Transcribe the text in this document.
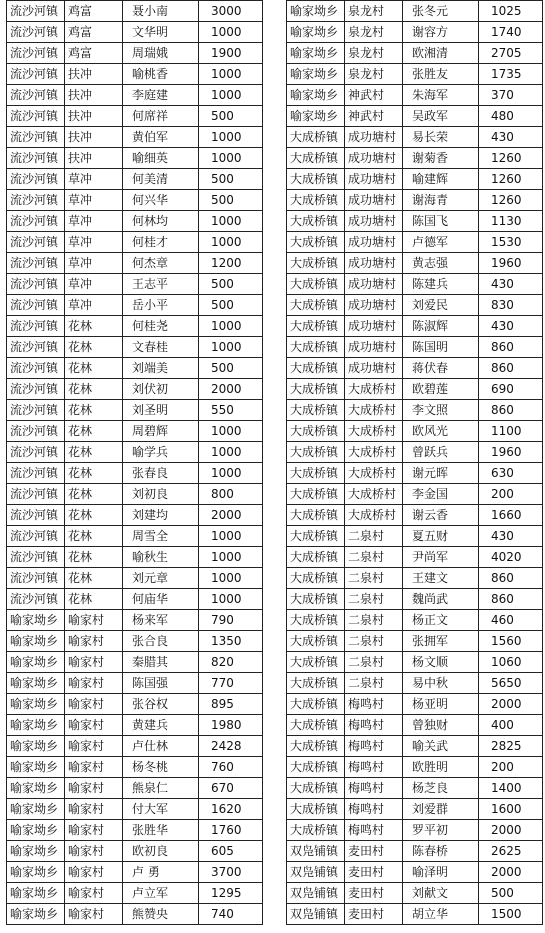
流沙河镇	鸡富	聂小南	3000
流沙河镇	鸡富	文华明	1000
流沙河镇	鸡富	周瑞娥	1900
流沙河镇	扶冲	喻桃香	1000
流沙河镇	扶冲	李庭建	1000
流沙河镇	扶冲	何席祥	500
流沙河镇	扶冲	黄伯军	1000
流沙河镇	扶冲	喻细英	1000
流沙河镇	草冲	何美清	500
流沙河镇	草冲	何兴华	500
流沙河镇	草冲	何林均	1000
流沙河镇	草冲	何桂才	1000
流沙河镇	草冲	何杰章	1200
流沙河镇	草冲	王志平	500
流沙河镇	草冲	岳小平	500
流沙河镇	花林	何桂尧	1000
流沙河镇	花林	文春桂	1000
流沙河镇	花林	刘端美	500
流沙河镇	花林	刘伏初	2000
流沙河镇	花林	刘圣明	550
流沙河镇	花林	周碧辉	1000
流沙河镇	花林	喻学兵	1000
流沙河镇	花林	张春良	1000
流沙河镇	花林	刘初良	800
流沙河镇	花林	刘建均	2000
流沙河镇	花林	周雪全	1000
流沙河镇	花林	喻秋生	1000
流沙河镇	花林	刘元章	1000
流沙河镇	花林	何庙华	1000
喻家坳乡	喻家村	杨来军	790
喻家坳乡	喻家村	张合良	1350
喻家坳乡	喻家村	秦腊其	820
喻家坳乡	喻家村	陈国强	770
喻家坳乡	喻家村	张谷权	895
喻家坳乡	喻家村	黄建兵	1980
喻家坳乡	喻家村	卢仕林	2428
喻家坳乡	喻家村	杨冬桃	760
喻家坳乡	喻家村	熊泉仁	670
喻家坳乡	喻家村	付大军	1620
喻家坳乡	喻家村	张胜华	1760
喻家坳乡	喻家村	欧初良	605
喻家坳乡	喻家村	卢 勇	3700
喻家坳乡	喻家村	卢立军	1295
喻家坳乡	喻家村	熊赞央	740
喻家坳乡	泉龙村	张冬元	1025
喻家坳乡	泉龙村	谢容方	1740
喻家坳乡	泉龙村	欧湘清	2705
喻家坳乡	泉龙村	张胜友	1735
喻家坳乡	神武村	朱海军	370
喻家坳乡	神武村	吴政军	480
大成桥镇	成功塘村	易长荣	430
大成桥镇	成功塘村	谢菊香	1260
大成桥镇	成功塘村	喻建辉	1260
大成桥镇	成功塘村	谢海青	1260
大成桥镇	成功塘村	陈国飞	1130
大成桥镇	成功塘村	卢德军	1530
大成桥镇	成功塘村	黄志强	1960
大成桥镇	成功塘村	陈建兵	430
大成桥镇	成功塘村	刘爱民	830
大成桥镇	成功塘村	陈淑辉	430
大成桥镇	成功塘村	陈国明	860
大成桥镇	成功塘村	蒋伏春	860
大成桥镇	大成桥村	欧碧莲	690
大成桥镇	大成桥村	李文照	860
大成桥镇	大成桥村	欧风光	1100
大成桥镇	大成桥村	曾跃兵	1960
大成桥镇	大成桥村	谢元晖	630
大成桥镇	大成桥村	李金国	200
大成桥镇	大成桥村	谢云香	1660
大成桥镇	二泉村	夏五财	430
大成桥镇	二泉村	尹尚军	4020
大成桥镇	二泉村	王建文	860
大成桥镇	二泉村	魏尚武	860
大成桥镇	二泉村	杨正文	460
大成桥镇	二泉村	张拥军	1560
大成桥镇	二泉村	杨文顺	1060
大成桥镇	二泉村	易中秋	5650
大成桥镇	梅鸣村	杨亚明	2000
大成桥镇	梅鸣村	曾独财	400
大成桥镇	梅鸣村	喻关武	2825
大成桥镇	梅鸣村	欧胜明	200
大成桥镇	梅鸣村	杨芝良	1400
大成桥镇	梅鸣村	刘爱群	1600
大成桥镇	梅鸣村	罗平初	2000
双凫铺镇	麦田村	陈春桥	2625
双凫铺镇	麦田村	喻泽明	2000
双凫铺镇	麦田村	刘献文	500
双凫铺镇	麦田村	胡立华	1500
